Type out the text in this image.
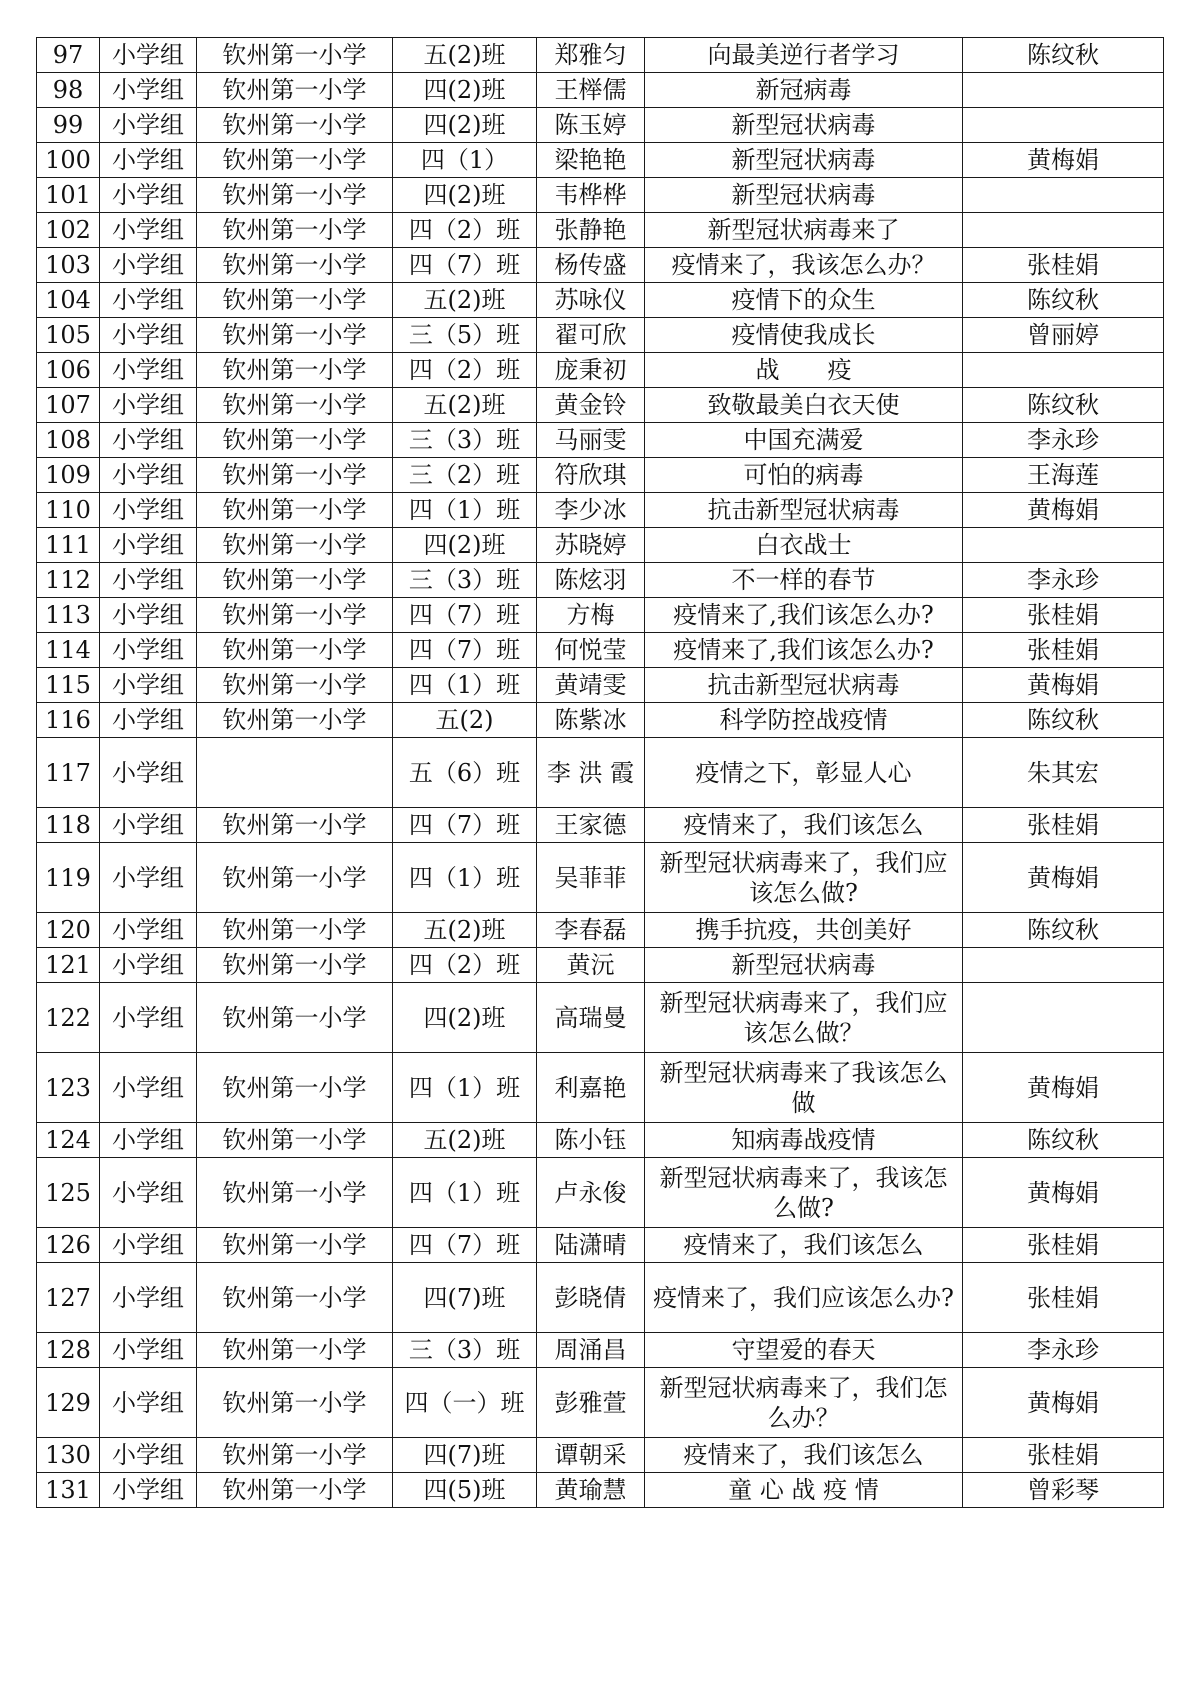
97	小学组	钦州第一小学	五(2)班	郑雅匀	向最美逆行者学习	陈纹秋
98	小学组	钦州第一小学	四(2)班	王榉儒	新冠病毒	
99	小学组	钦州第一小学	四(2)班	陈玉婷	新型冠状病毒	
100	小学组	钦州第一小学	四（1）	梁艳艳	新型冠状病毒	黄梅娟
101	小学组	钦州第一小学	四(2)班	韦桦桦	新型冠状病毒	
102	小学组	钦州第一小学	四（2）班	张静艳	新型冠状病毒来了	
103	小学组	钦州第一小学	四（7）班	杨传盛	疫情来了，我该怎么办？	张桂娟
104	小学组	钦州第一小学	五(2)班	苏咏仪	疫情下的众生	陈纹秋
105	小学组	钦州第一小学	三（5）班	翟可欣	疫情使我成长	曾丽婷
106	小学组	钦州第一小学	四（2）班	庞秉初	战　　疫	
107	小学组	钦州第一小学	五(2)班	黄金铃	致敬最美白衣天使	陈纹秋
108	小学组	钦州第一小学	三（3）班	马丽雯	中国充满爱	李永珍
109	小学组	钦州第一小学	三（2）班	符欣琪	可怕的病毒	王海莲
110	小学组	钦州第一小学	四（1）班	李少冰	抗击新型冠状病毒	黄梅娟
111	小学组	钦州第一小学	四(2)班	苏晓婷	白衣战士	
112	小学组	钦州第一小学	三（3）班	陈炫羽	不一样的春节	李永珍
113	小学组	钦州第一小学	四（7）班	方梅	疫情来了,我们该怎么办?	张桂娟
114	小学组	钦州第一小学	四（7）班	何悦莹	疫情来了,我们该怎么办?	张桂娟
115	小学组	钦州第一小学	四（1）班	黄靖雯	抗击新型冠状病毒	黄梅娟
116	小学组	钦州第一小学	五(2)	陈紫冰	科学防控战疫情	陈纹秋
117	小学组		五（6）班	李 洪 霞	疫情之下，彰显人心	朱其宏
118	小学组	钦州第一小学	四（7）班	王家德	疫情来了，我们该怎么	张桂娟
119	小学组	钦州第一小学	四（1）班	吴菲菲	新型冠状病毒来了，我们应该怎么做?	黄梅娟
120	小学组	钦州第一小学	五(2)班	李春磊	携手抗疫，共创美好	陈纹秋
121	小学组	钦州第一小学	四（2）班	黄沅	新型冠状病毒	
122	小学组	钦州第一小学	四(2)班	高瑞曼	新型冠状病毒来了，我们应该怎么做？	
123	小学组	钦州第一小学	四（1）班	利嘉艳	新型冠状病毒来了我该怎么做	黄梅娟
124	小学组	钦州第一小学	五(2)班	陈小钰	知病毒战疫情	陈纹秋
125	小学组	钦州第一小学	四（1）班	卢永俊	新型冠状病毒来了，我该怎么做?	黄梅娟
126	小学组	钦州第一小学	四（7）班	陆潇晴	疫情来了，我们该怎么	张桂娟
127	小学组	钦州第一小学	四(7)班	彭晓倩	疫情来了，我们应该怎么办?	张桂娟
128	小学组	钦州第一小学	三（3）班	周涌昌	守望爱的春天	李永珍
129	小学组	钦州第一小学	四（一）班	彭雅萱	新型冠状病毒来了，我们怎么办？	黄梅娟
130	小学组	钦州第一小学	四(7)班	谭朝采	疫情来了，我们该怎么	张桂娟
131	小学组	钦州第一小学	四(5)班	黄瑜慧	童 心 战 疫 情	曾彩琴
